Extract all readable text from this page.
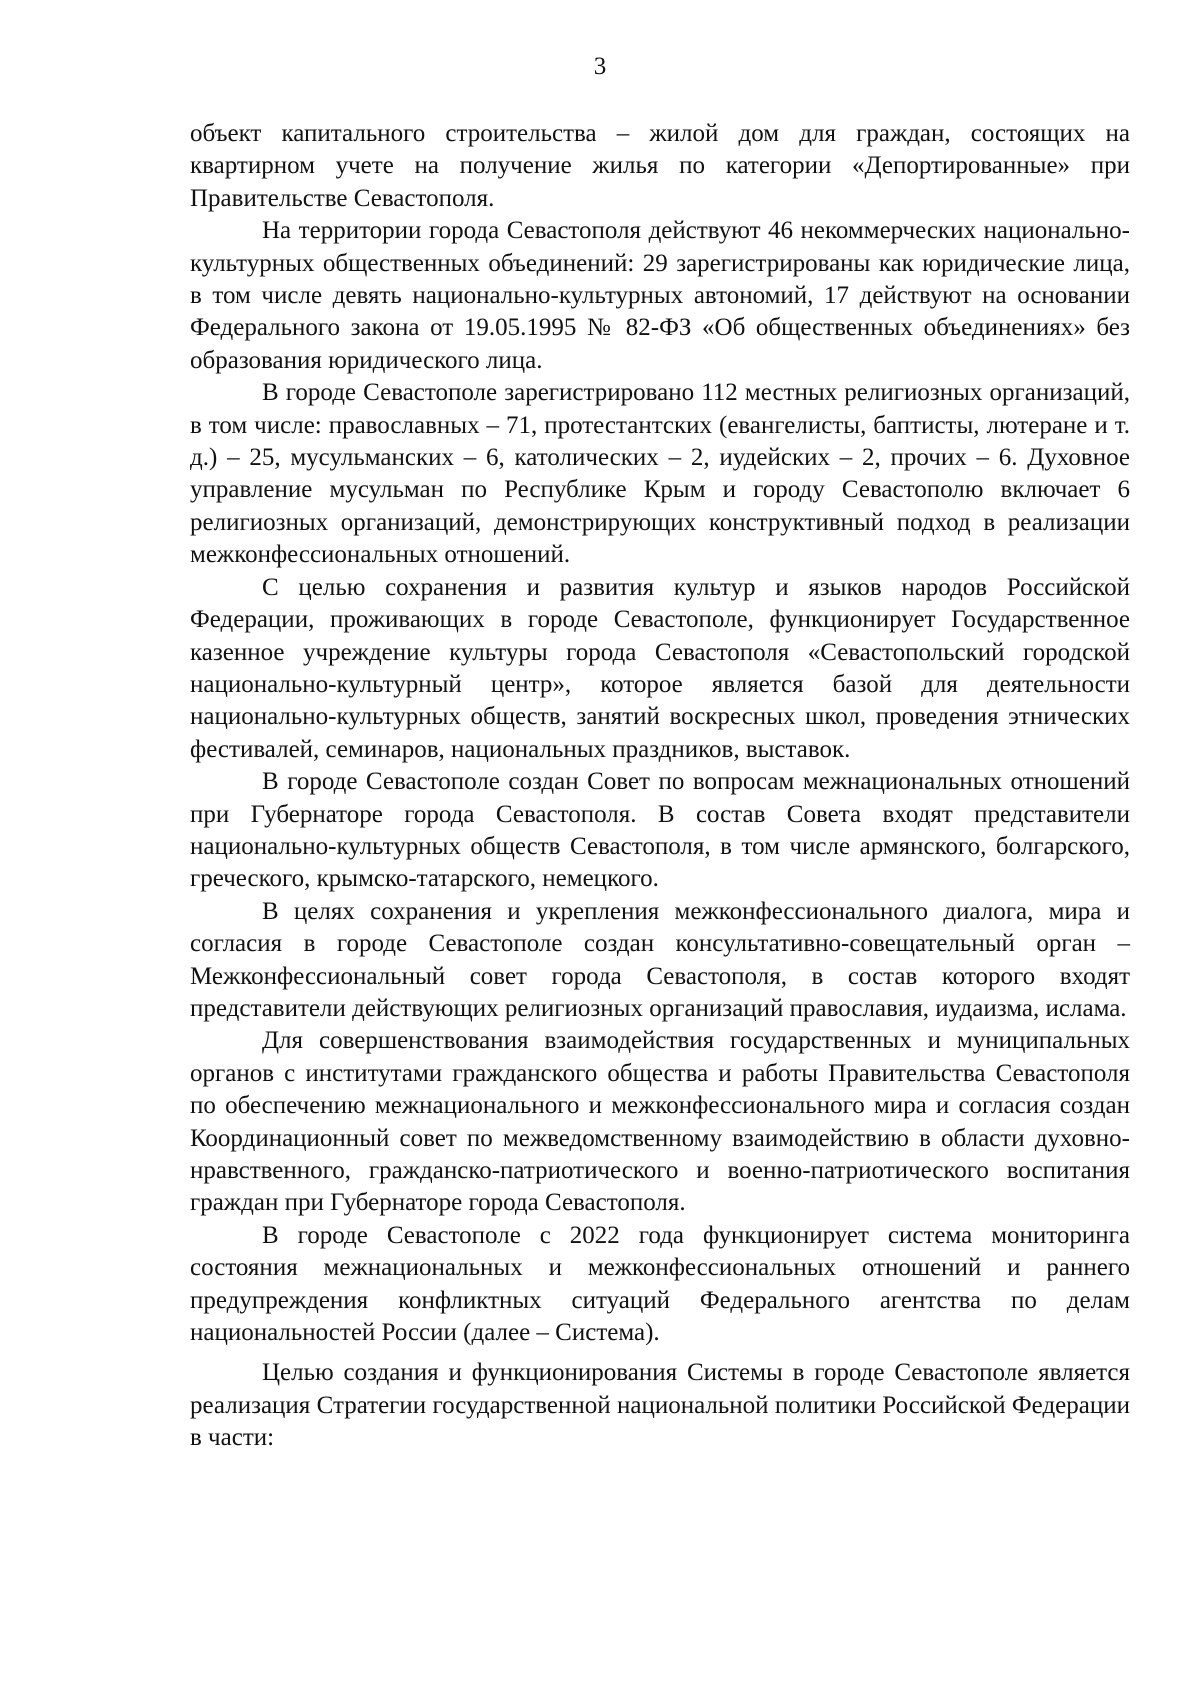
3

объект капитального строительства – жилой дом для граждан, состоящих на квартирном учете на получение жилья по категории «Депортированные» при Правительстве Севастополя.

На территории города Севастополя действуют 46 некоммерческих национально-культурных общественных объединений: 29 зарегистрированы как юридические лица, в том числе девять национально-культурных автономий, 17 действуют на основании Федерального закона от 19.05.1995 № 82-ФЗ «Об общественных объединениях» без образования юридического лица.

В городе Севастополе зарегистрировано 112 местных религиозных организаций, в том числе: православных – 71, протестантских (евангелисты, баптисты, лютеране и т. д.) – 25, мусульманских – 6, католических – 2, иудейских – 2, прочих – 6. Духовное управление мусульман по Республике Крым и городу Севастополю включает 6 религиозных организаций, демонстрирующих конструктивный подход в реализации межконфессиональных отношений.

С целью сохранения и развития культур и языков народов Российской Федерации, проживающих в городе Севастополе, функционирует Государственное казенное учреждение культуры города Севастополя «Севастопольский городской национально-культурный центр», которое является базой для деятельности национально-культурных обществ, занятий воскресных школ, проведения этнических фестивалей, семинаров, национальных праздников, выставок.

В городе Севастополе создан Совет по вопросам межнациональных отношений при Губернаторе города Севастополя. В состав Совета входят представители национально-культурных обществ Севастополя, в том числе армянского, болгарского, греческого, крымско-татарского, немецкого.

В целях сохранения и укрепления межконфессионального диалога, мира и согласия в городе Севастополе создан консультативно-совещательный орган – Межконфессиональный совет города Севастополя, в состав которого входят представители действующих религиозных организаций православия, иудаизма, ислама.

Для совершенствования взаимодействия государственных и муниципальных органов с институтами гражданского общества и работы Правительства Севастополя по обеспечению межнационального и межконфессионального мира и согласия создан Координационный совет по межведомственному взаимодействию в области духовно-нравственного, гражданско-патриотического и военно-патриотического воспитания граждан при Губернаторе города Севастополя.

В городе Севастополе с 2022 года функционирует система мониторинга состояния межнациональных и межконфессиональных отношений и раннего предупреждения конфликтных ситуаций Федерального агентства по делам национальностей России (далее – Система).

Целью создания и функционирования Системы в городе Севастополе является реализация Стратегии государственной национальной политики Российской Федерации в части:
